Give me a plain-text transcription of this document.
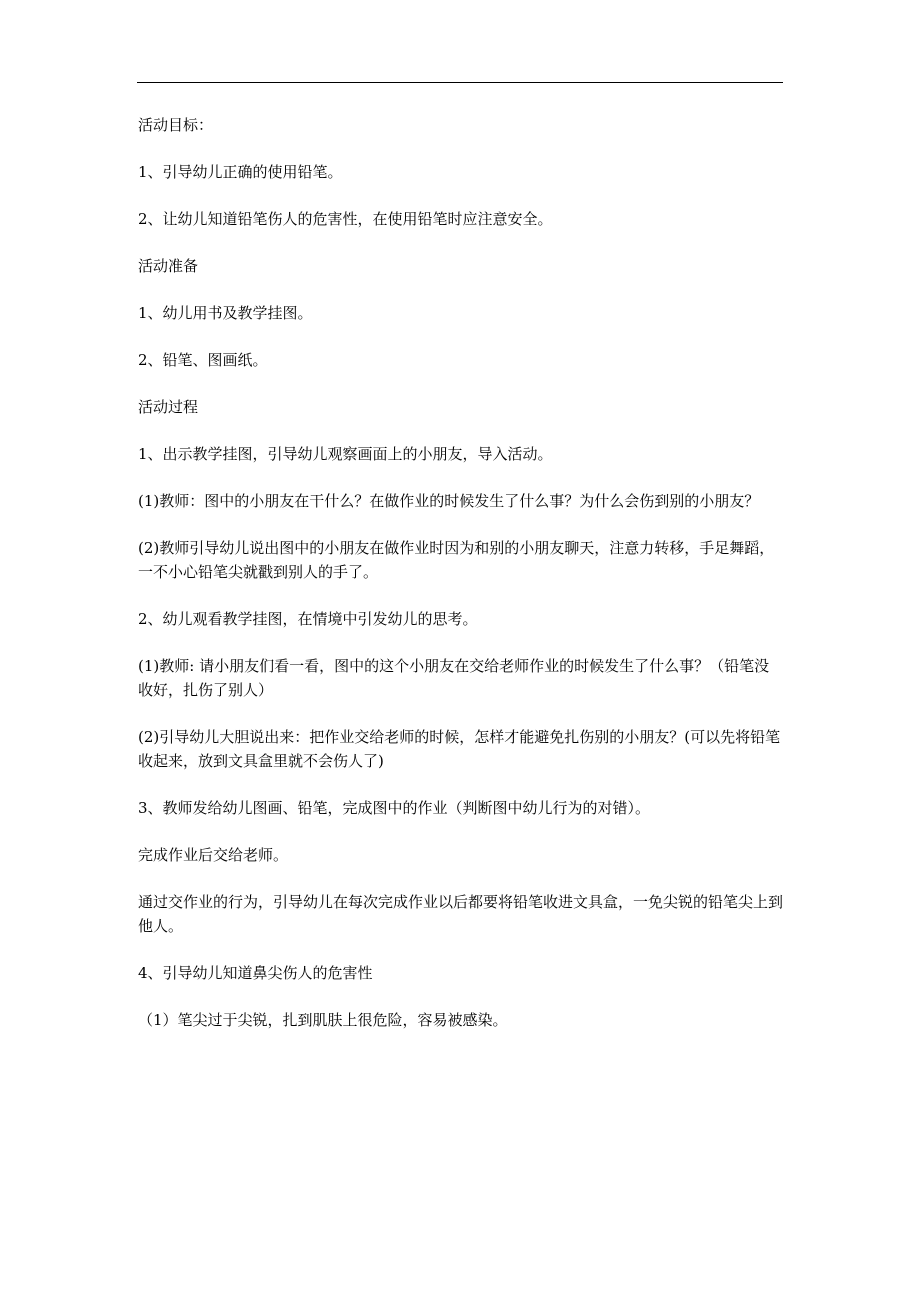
活动目标：

1、引导幼儿正确的使用铅笔。

2、让幼儿知道铅笔伤人的危害性，在使用铅笔时应注意安全。

活动准备

1、幼儿用书及教学挂图。

2、铅笔、图画纸。

活动过程

1、出示教学挂图，引导幼儿观察画面上的小朋友，导入活动。

(1)教师：图中的小朋友在干什么？在做作业的时候发生了什么事？为什么会伤到别的小朋友？

(2)教师引导幼儿说出图中的小朋友在做作业时因为和别的小朋友聊天，注意力转移，手足舞蹈，一不小心铅笔尖就戳到别人的手了。

2、幼儿观看教学挂图，在情境中引发幼儿的思考。

(1)教师: 请小朋友们看一看，图中的这个小朋友在交给老师作业的时候发生了什么事？（铅笔没收好，扎伤了别人）

(2)引导幼儿大胆说出来：把作业交给老师的时候，怎样才能避免扎伤别的小朋友？(可以先将铅笔收起来，放到文具盒里就不会伤人了)

3、教师发给幼儿图画、铅笔，完成图中的作业（判断图中幼儿行为的对错）。

完成作业后交给老师。

通过交作业的行为，引导幼儿在每次完成作业以后都要将铅笔收进文具盒，一免尖锐的铅笔尖上到他人。

4、引导幼儿知道鼻尖伤人的危害性

（1）笔尖过于尖锐，扎到肌肤上很危险，容易被感染。
